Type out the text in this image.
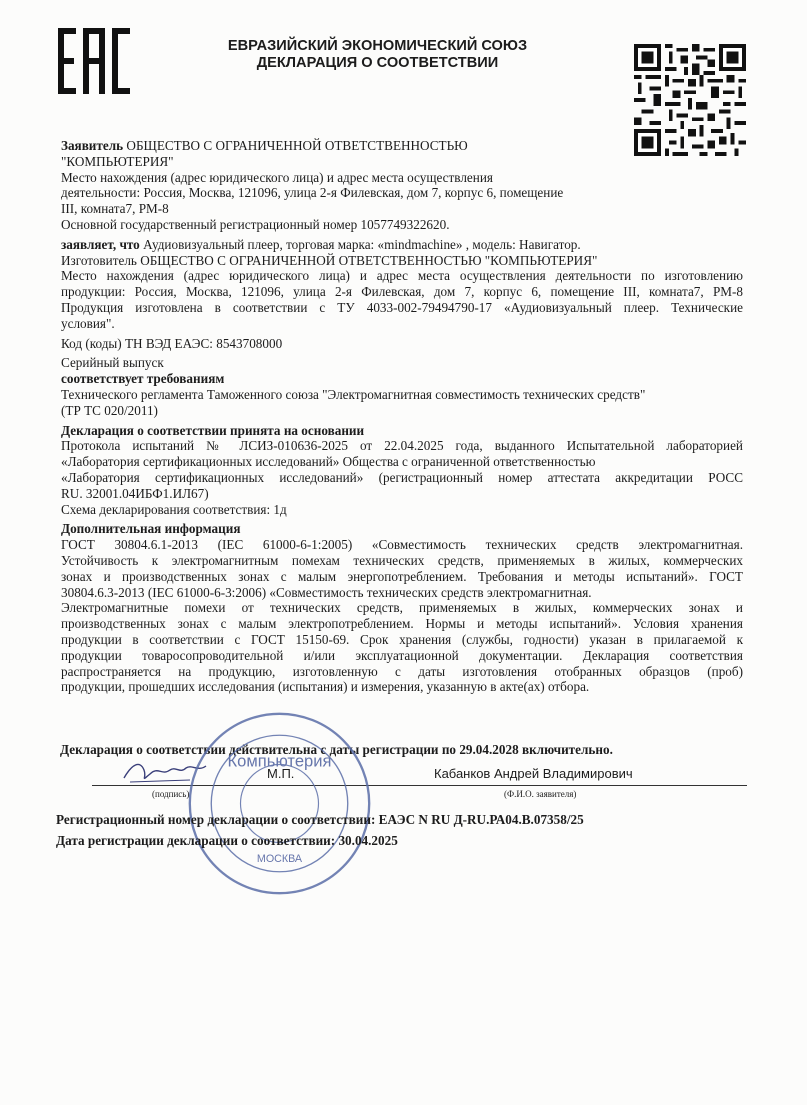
ЕВРАЗИЙСКИЙ ЭКОНОМИЧЕСКИЙ СОЮЗ
ДЕКЛАРАЦИЯ О СООТВЕТСТВИИ

Заявитель ОБЩЕСТВО С ОГРАНИЧЕННОЙ ОТВЕТСТВЕННОСТЬЮ

"КОМПЬЮТЕРИЯ"

Место нахождения (адрес юридического лица) и адрес места осуществления

деятельности: Россия, Москва, 121096, улица 2-я Филевская, дом 7, корпус 6, помещение

III, комната7, РМ-8

Основной государственный регистрационный номер 1057749322620.

заявляет, что Аудиовизуальный плеер, торговая марка: «mindmachine» , модель: Навигатор.

Изготовитель ОБЩЕСТВО С ОГРАНИЧЕННОЙ ОТВЕТСТВЕННОСТЬЮ "КОМПЬЮТЕРИЯ"

Место нахождения (адрес юридического лица) и адрес места осуществления деятельности по изготовлению

продукции: Россия, Москва, 121096, улица 2-я Филевская, дом 7, корпус 6, помещение III, комната7, РМ-8

Продукция изготовлена в соответствии с ТУ 4033-002-79494790-17 «Аудиовизуальный плеер. Технические

условия".

Код (коды) ТН ВЭД ЕАЭС: 8543708000

Серийный выпуск

соответствует требованиям

Технического регламента Таможенного союза "Электромагнитная совместимость технических средств"

(ТР ТС 020/2011)

Декларация о соответствии принята на основании

Протокола испытаний № ЛСИЗ-010636-2025 от 22.04.2025 года, выданного Испытательной лабораторией

«Лаборатория сертификационных исследований» Общества с ограниченной ответственностью

«Лаборатория сертификационных исследований» (регистрационный номер аттестата аккредитации РОСС

RU. 32001.04ИБФ1.ИЛ67)

Схема декларирования соответствия: 1д

Дополнительная информация

ГОСТ 30804.6.1-2013 (IEC 61000-6-1:2005) «Совместимость технических средств электромагнитная.

Устойчивость к электромагнитным помехам технических средств, применяемых в жилых, коммерческих

зонах и производственных зонах с малым энергопотреблением. Требования и методы испытаний». ГОСТ

30804.6.3-2013 (IEC 61000-6-3:2006) «Совместимость технических средств электромагнитная.

Электромагнитные помехи от технических средств, применяемых в жилых, коммерческих зонах и

производственных зонах с малым электропотреблением. Нормы и методы испытаний». Условия хранения

продукции в соответствии с ГОСТ 15150-69. Срок хранения (службы, годности) указан в прилагаемой к

продукции товаросопроводительной и/или эксплуатационной документации. Декларация соответствия

распространяется на продукцию, изготовленную с даты изготовления отобранных образцов (проб)

продукции, прошедших исследования (испытания) и измерения, указанную в акте(ах) отбора.

Декларация о соответствии действительна с даты регистрации по 29.04.2028 включительно.
М.П.	Кабанков Андрей Владимирович
(подпись)	(Ф.И.О. заявителя)
Компьютерия
МОСКВА
Регистрационный номер декларации о соответствии: ЕАЭС N RU Д-RU.РА04.В.07358/25
Дата регистрации декларации о соответствии: 30.04.2025
